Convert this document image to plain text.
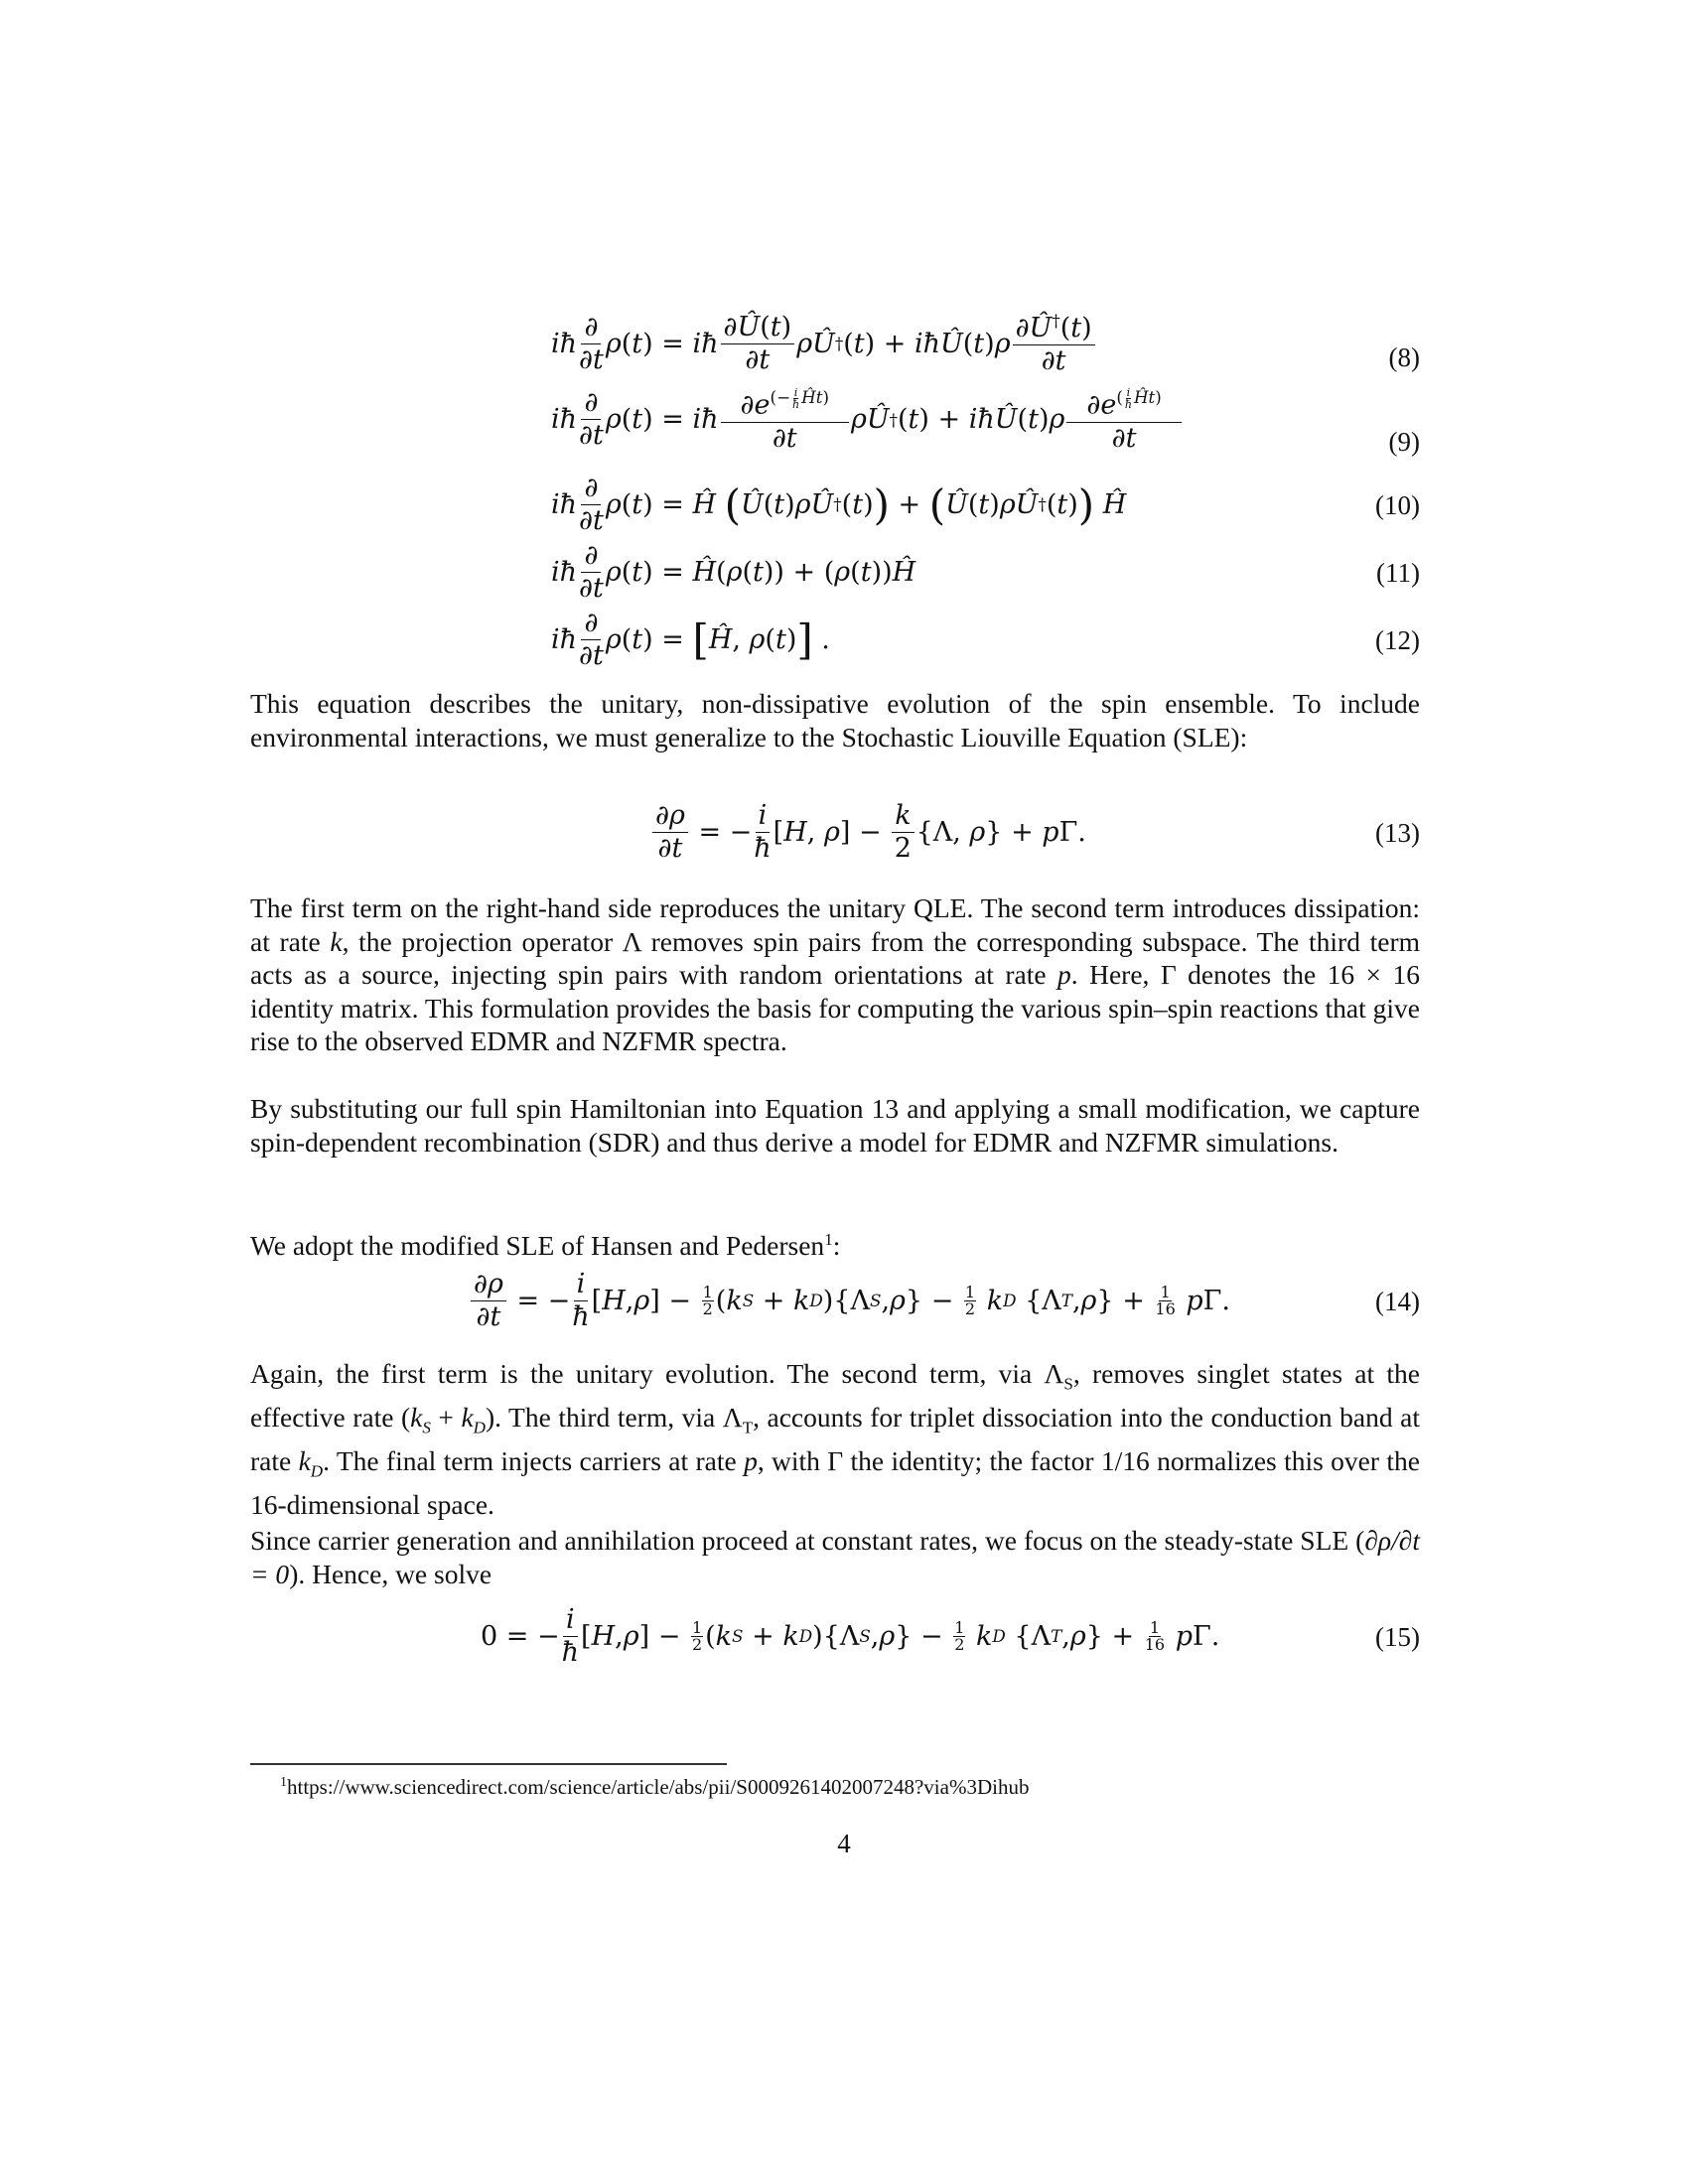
iħ $\frac{\partial}{\partial t}$ ρ ( t )
= iħ $\frac{\partial Û(t)}{\partial t}$ ρÛ † ( t )
+ iħÛ ( t ) ρ $\frac{\partial Û^\dagger(t)}{\partial t}$	(8)
iħ $\frac{\partial}{\partial t}$ ρ ( t )
= iħ $\partial e^{(- \frac{i}{ħ} Ĥt)}$
∂t ρÛ † ( t )
+ iħÛ ( t ) ρ $\partial e^{( \frac{i}{ħ} Ĥt)}$
∂t	(9)
iħ $\frac{\partial}{\partial t}$ ρ ( t )
= Ĥ ( Û ( t ) ρÛ † ( t ) )
+
( Û ( t ) ρÛ † ( t ) ) Ĥ	(10)
iħ $\frac{\partial}{\partial t}$ ρ ( t )
= Ĥ ( ρ ( t ))
+
( ρ ( t )) Ĥ	(11)
iħ $\frac{\partial}{\partial t}$ ρ ( t )
=
[ Ĥ , ρ ( t ) ] .	(12)

This equation describes the unitary, non-dissipative evolution of the spin ensemble. To include environmental interactions, we must generalize to the Stochastic Liouville Equation (SLE):

$\frac{\partial\rho}{\partial t}$
=
− $\frac{i}{ħ}$ [ H , ρ ]
−
$\frac{k}{2} \{\Lambda$, ρ }
+ p Γ.	(13)

The first term on the right-hand side reproduces the unitary QLE. The second term introduces dissipation: at rate k, the projection operator Λ removes spin pairs from the corresponding subspace. The third term acts as a source, injecting spin pairs with random orientations at rate p. Here, Γ denotes the 16 × 16 identity matrix. This formulation provides the basis for computing the various spin–spin reactions that give rise to the observed EDMR and NZFMR spectra.

By substituting our full spin Hamiltonian into Equation 13 and applying a small modification, we capture spin-dependent recombination (SDR) and thus derive a model for EDMR and NZFMR simulations.

We adopt the modified SLE of Hansen and Pedersen$^1$:

$\frac{\partial\rho}{\partial t}$
=
− $\frac{i}{ħ}$ [ H , ρ ]
−
$\frac{1}{2}$ ( k S
+ k D ){Λ S , ρ }
−
$\frac{1}{2}$ k D
{Λ T , ρ }
+
$\frac{1}{16}$ p Γ.	(14)

Again, the first term is the unitary evolution. The second term, via $\Lambda_S$, removes singlet states at the effective rate $(k_S + k_D)$. The third term, via $\Lambda_T$, accounts for triplet dissociation into the conduction band at rate $k_D$. The final term injects carriers at rate p, with Γ the identity; the factor 1/16 normalizes this over the 16-dimensional space.

Since carrier generation and annihilation proceed at constant rates, we focus on the steady-state SLE (∂ρ/∂t = 0). Hence, we solve

0
=
− $\frac{i}{ħ}$ [ H , ρ ]
−
$\frac{1}{2}$ ( k S
+ k D ){Λ S , ρ }
−
$\frac{1}{2}$ k D
{Λ T , ρ }
+
$\frac{1}{16}$ p Γ.	(15)
$^1$https://www.sciencedirect.com/science/article/abs/pii/S0009261402007248?via%3Dihub
4
